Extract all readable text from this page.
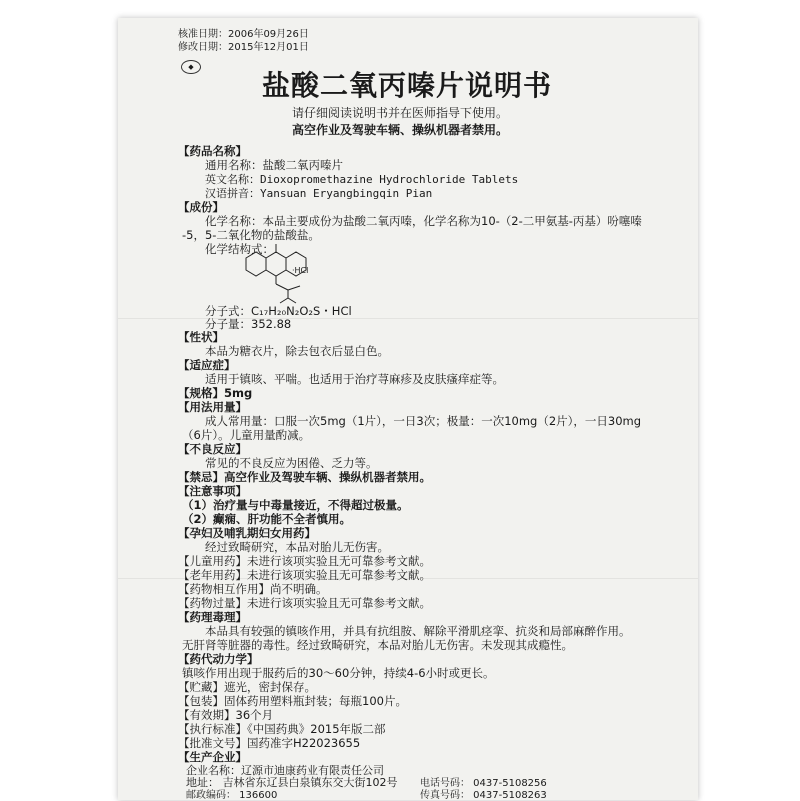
核准日期：2006年09月26日
修改日期：2015年12月01日
◆
盐酸二氧丙嗪片说明书
请仔细阅读说明书并在医师指导下使用。
高空作业及驾驶车辆、操纵机器者禁用。
【药品名称】
通用名称：盐酸二氧丙嗪片
英文名称：Dioxopromethazine Hydrochloride Tablets
汉语拼音：Yansuan Eryangbingqin Pian
【成份】
化学名称：本品主要成份为盐酸二氧丙嗪，化学名称为10-（2-二甲氨基-丙基）吩噻嗪
-5，5-二氧化物的盐酸盐。
化学结构式：
·HCl
分子式：C₁₇H₂₀N₂O₂S・HCl
分子量：352.88
【性状】
本品为糖衣片，除去包衣后显白色。
【适应症】
适用于镇咳、平喘。也适用于治疗荨麻疹及皮肤瘙痒症等。
【规格】5mg
【用法用量】
成人常用量：口服一次5mg（1片），一日3次；极量：一次10mg（2片），一日30mg
（6片）。儿童用量酌减。
【不良反应】
常见的不良反应为困倦、乏力等。
【禁忌】高空作业及驾驶车辆、操纵机器者禁用。
【注意事项】
（1）治疗量与中毒量接近，不得超过极量。
（2）癫痫、肝功能不全者慎用。
【孕妇及哺乳期妇女用药】
经过致畸研究，本品对胎儿无伤害。
【儿童用药】未进行该项实验且无可靠参考文献。
【老年用药】未进行该项实验且无可靠参考文献。
【药物相互作用】尚不明确。
【药物过量】未进行该项实验且无可靠参考文献。
【药理毒理】
本品具有较强的镇咳作用，并具有抗组胺、解除平滑肌痉挛、抗炎和局部麻醉作用。
无肝肾等脏器的毒性。经过致畸研究，本品对胎儿无伤害。未发现其成瘾性。
【药代动力学】
镇咳作用出现于服药后的30～60分钟，持续4-6小时或更长。
【贮藏】遮光，密封保存。
【包装】固体药用塑料瓶封装；每瓶100片。
【有效期】36个月
【执行标准】《中国药典》2015年版二部
【批准文号】国药准字H22023655
【生产企业】
企业名称：辽源市迪康药业有限责任公司
地址： 吉林省东辽县白泉镇东交大街102号
邮政编码： 136600
电话号码： 0437-5108256
传真号码： 0437-5108263
